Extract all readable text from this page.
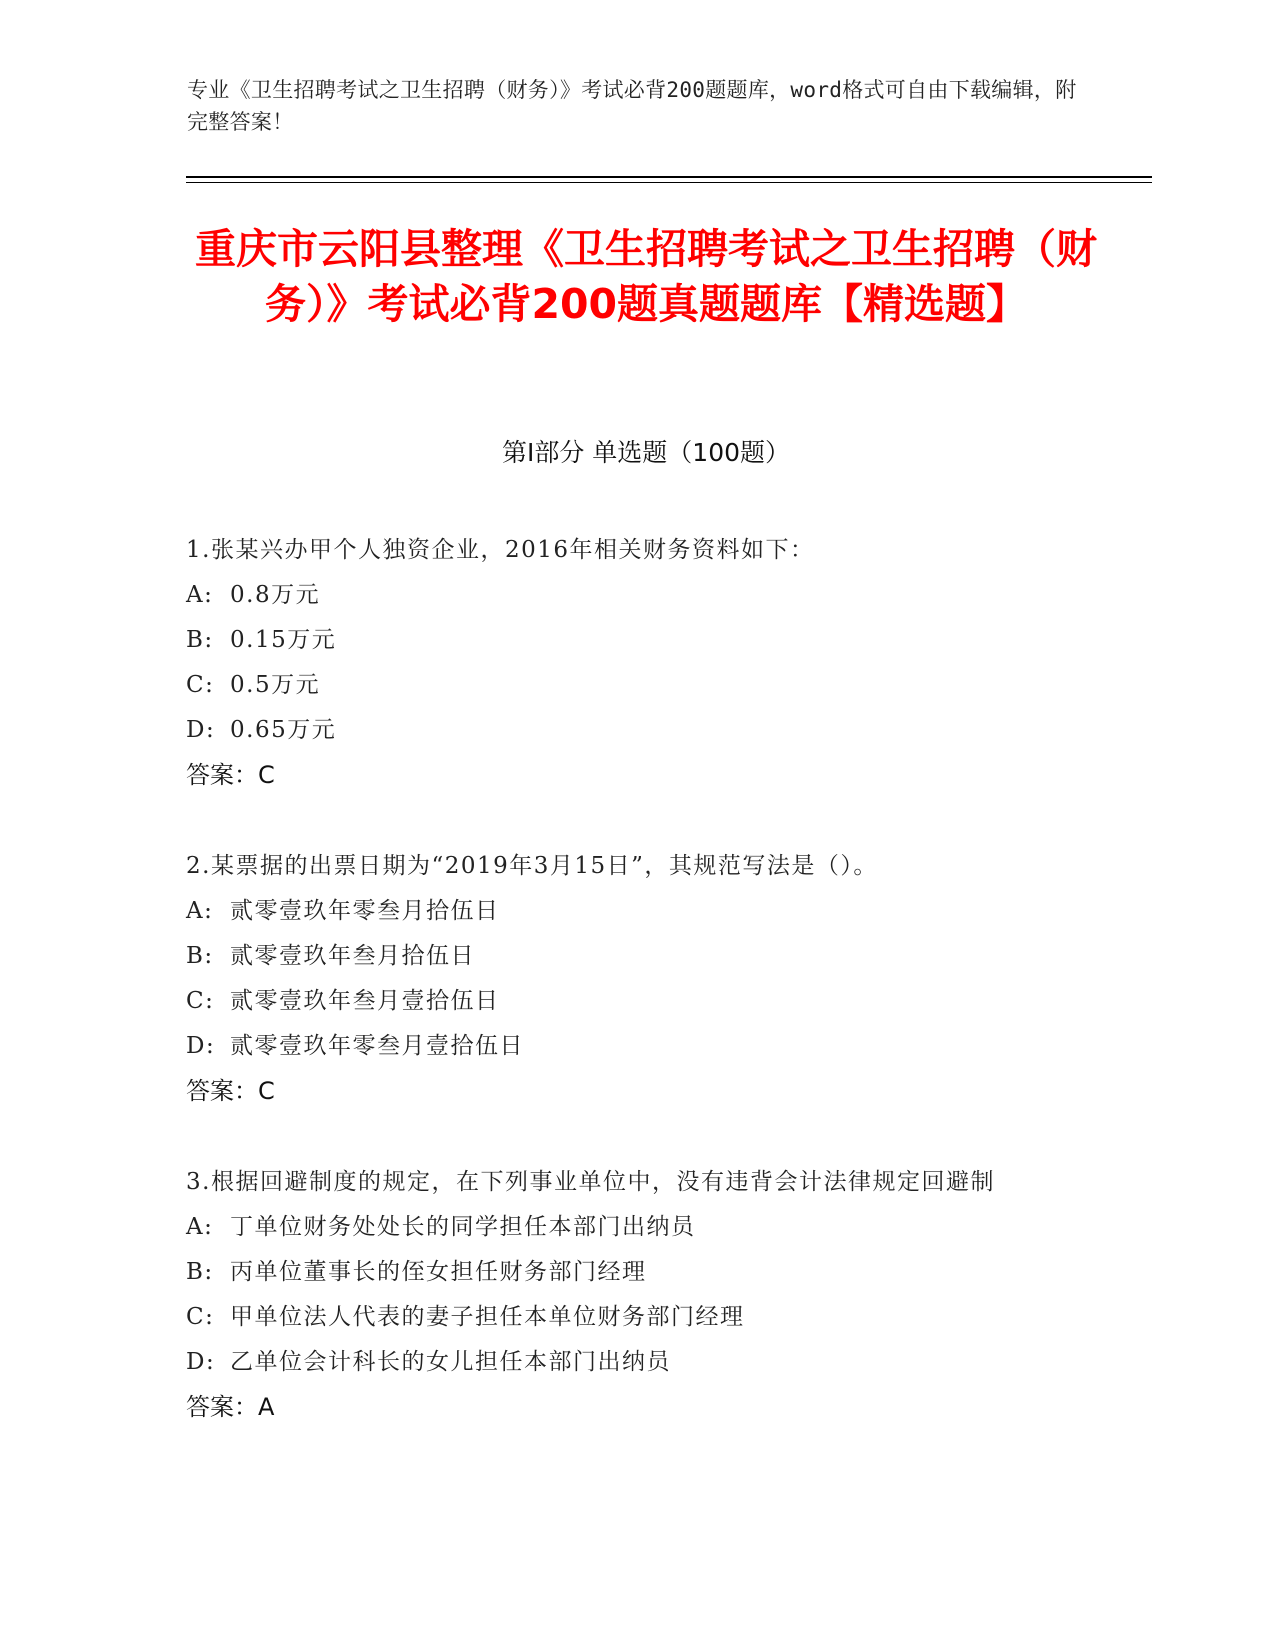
专业《卫生招聘考试之卫生招聘（财务）》考试必背200题题库，word格式可自由下载编辑，附完整答案！
重庆市云阳县整理《卫生招聘考试之卫生招聘（财务）》考试必背200题真题题库【精选题】
第I部分 单选题（100题）
1.张某兴办甲个人独资企业，2016年相关财务资料如下：
A: 0.8万元
B: 0.15万元
C: 0.5万元
D: 0.65万元
答案：C
2.某票据的出票日期为“2019年3月15日”，其规范写法是（）。
A: 贰零壹玖年零叁月拾伍日
B: 贰零壹玖年叁月拾伍日
C: 贰零壹玖年叁月壹拾伍日
D: 贰零壹玖年零叁月壹拾伍日
答案：C
3.根据回避制度的规定，在下列事业单位中，没有违背会计法律规定回避制
A: 丁单位财务处处长的同学担任本部门出纳员
B: 丙单位董事长的侄女担任财务部门经理
C: 甲单位法人代表的妻子担任本单位财务部门经理
D: 乙单位会计科长的女儿担任本部门出纳员
答案：A
